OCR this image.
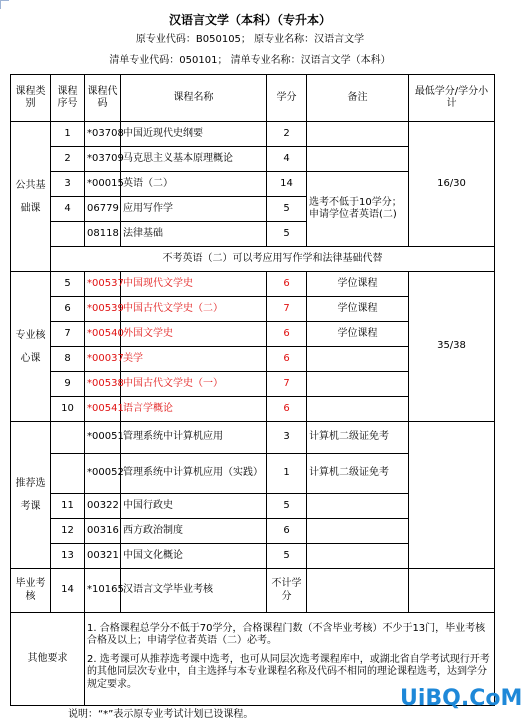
汉语言文学（本科）（专升本）
原专业代码：B050105； 原专业名称：汉语言文学
清单专业代码：050101； 清单专业名称：汉语言文学（本科）
课程类别	课程序号	课程代码	课程名称	学分	备注	最低学分/学分小计
公共基础课	1	*03708	中国近现代史纲要	2		16/30
	2	*03709	马克思主义基本原理概论	4		
	3	*00015	英语（二）	14	选考不低于10学分；申请学位者英语(二)	
	4	06779	应用写作学	5		
		08118	法律基础	5		
	不考英语（二）可以考应用写作学和法律基础代替					
专业核心课	5	*00537	中国现代文学史	6	学位课程	35/38
	6	*00539	中国古代文学史（二）	7	学位课程	
	7	*00540	外国文学史	6	学位课程	
	8	*00037	美学	6		
	9	*00538	中国古代文学史（一）	7		
	10	*00541	语言学概论	6		
推荐选考课		*00051	管理系统中计算机应用	3	计算机二级证免考	
		*00052	管理系统中计算机应用（实践）	1	计算机二级证免考	
	11	00322	中国行政史	5		
	12	00316	西方政治制度	6		
	13	00321	中国文化概论	5		
毕业考核	14	*10165	汉语言文学毕业考核	不计学分		
其他要求		1. 合格课程总学分不低于70学分，合格课程门数（不含毕业考核）不少于13门，毕业考核合格及以上；申请学位者英语（二）必考。

2. 选考课可从推荐选考课中选考，也可从同层次选考课程库中，或湖北省自学考试现行开考的其他同层次专业中，自主选择与本专业课程名称及代码不相同的理论课程选考，达到学分规定要求。				

说明：“*”表示原专业考试计划已设课程。
UiBQ.CoM
